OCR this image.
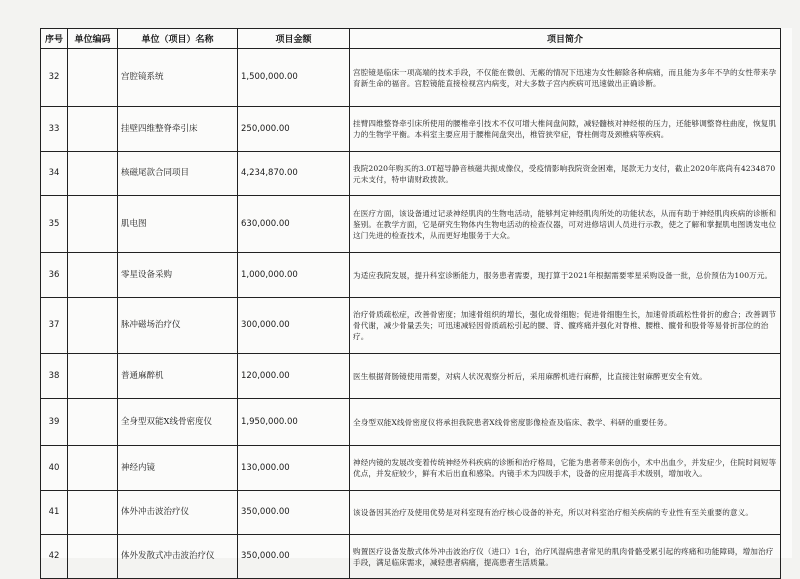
序号	单位编码	单位（项目）名称	项目金额	项目简介
32		宫腔镜系统	1,500,000.00	宫腔镜是临床一项高端的技术手段，不仅能在微创、无瘢的情况下迅速为女性解除各种病痛，而且能为多年不孕的女性带来孕育新生命的福音。宫腔镜能直接检视宫内病变，对大多数子宫内疾病可迅速做出正确诊断。
33		挂壁四维整脊牵引床	250,000.00	挂臂四维整脊牵引床所使用的腰椎牵引技术不仅可增大椎间盘间隙，减轻髓核对神经根的压力，还能够调整脊柱曲度，恢复肌力的生物学平衡。本科室主要应用于腰椎间盘突出，椎管狭窄症，脊柱侧弯及颈椎病等疾病。
34		核磁尾款合同项目	4,234,870.00	我院2020年购买的3.0T超导静音核磁共振成像仪，受疫情影响我院资金困难，尾款无力支付，截止2020年底尚有4234870元未支付，特申请财政拨款。
35		肌电图	630,000.00	在医疗方面，该设备通过记录神经肌肉的生物电活动，能够判定神经肌肉所处的功能状态，从而有助于神经肌肉疾病的诊断和鉴别。在教学方面，它是研究生物体内生物电活动的检查仪器，可对进修培训人员进行示教，使之了解和掌握肌电图诱发电位这门先进的检查技术，从而更好地服务于大众。
36		零星设备采购	1,000,000.00	为适应我院发展，提升科室诊断能力，服务患者需要，现打算于2021年根据需要零星采购设备一批，总价预估为100万元。
37		脉冲磁场治疗仪	300,000.00	治疗骨质疏松症，改善骨密度；加速骨组织的增长，强化成骨细胞；促进骨细胞生长，加速骨质疏松性骨折的愈合；改善调节骨代谢，减少骨量丢失；可迅速减轻因骨质疏松引起的腰、背、髋疼痛并强化对脊椎、腰椎、髋骨和股骨等易骨折部位的治疗。
38		普通麻醉机	120,000.00	医生根据肾肠镜使用需要，对病人状况观察分析后，采用麻醉机进行麻醉，比直接注射麻醉更安全有效。
39		全身型双能X线骨密度仪	1,950,000.00	全身型双能X线骨密度仪将承担我院患者X线骨密度影像检查及临床、教学、科研的重要任务。
40		神经内镜	130,000.00	神经内镜的发展改变着传统神经外科疾病的诊断和治疗格局，它能为患者带来创伤小，术中出血少，并发症少，住院时间短等优点，并发症较少，鲜有术后出血和感染。内镜手术为四级手术，设备的应用提高手术级别，增加收入。
41		体外冲击波治疗仪	350,000.00	该设备因其治疗及使用优势是对科室现有治疗核心设备的补充，所以对科室治疗相关疾病的专业性有至关重要的意义。
42		体外发散式冲击波治疗仪	350,000.00	购置医疗设备发散式体外冲击波治疗仪（进口）1台，治疗风湿病患者常见的肌肉骨骼受累引起的疼痛和功能障碍，增加治疗手段，满足临床需求，减轻患者病痛，提高患者生活质量。
